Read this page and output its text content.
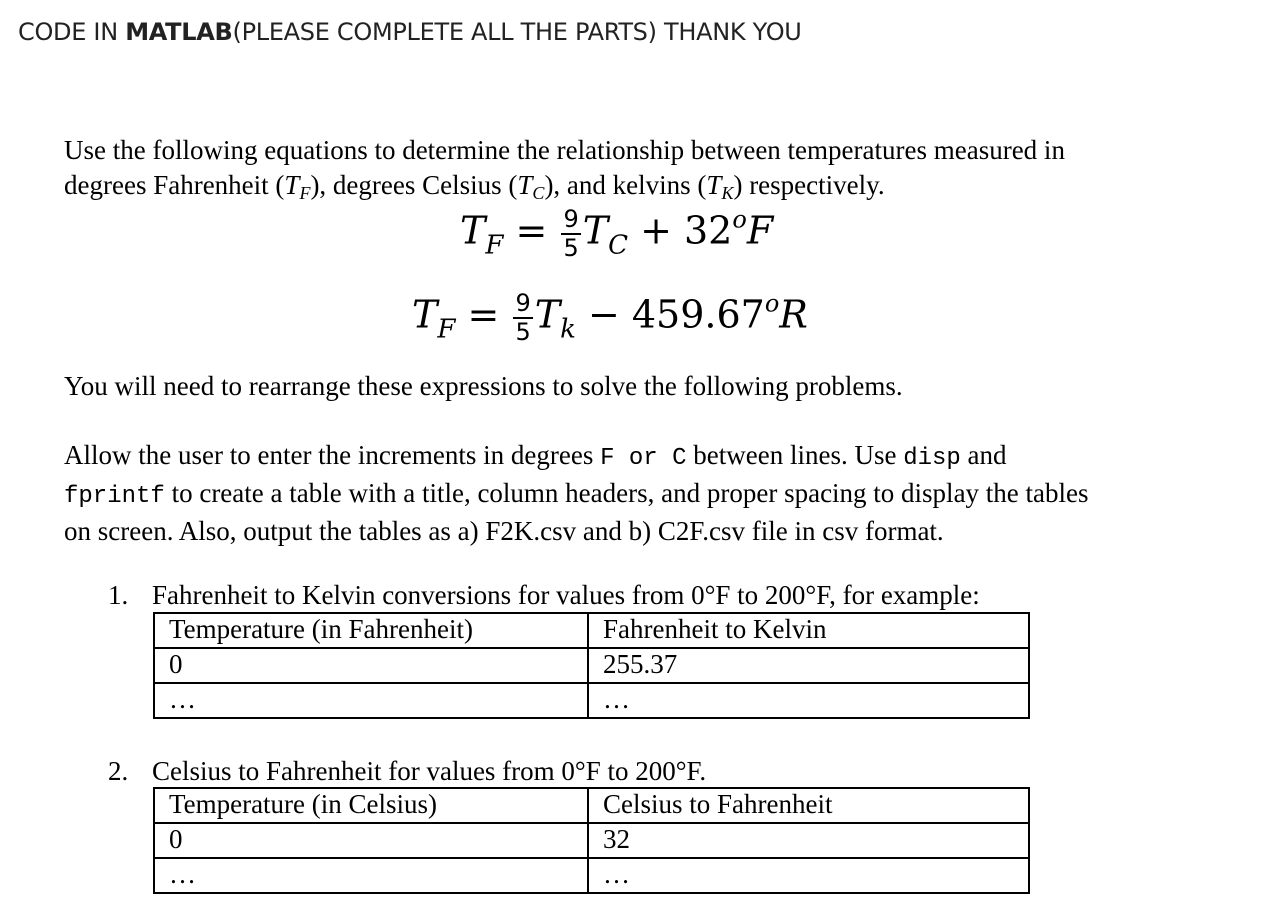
CODE IN MATLAB(PLEASE COMPLETE ALL THE PARTS) THANK YOU
Use the following equations to determine the relationship between temperatures measured in
degrees Fahrenheit $(T_F)$, degrees Celsius $(T_C)$, and kelvins $(T_K)$ respectively.
$T_F = \frac{9}{5} T_C + 32^oF$
$T_F = \frac{9}{5} T_k - 459.67^oR$
You will need to rearrange these expressions to solve the following problems.
Allow the user to enter the increments in degrees F or C between lines. Use disp and
fprintf to create a table with a title, column headers, and proper spacing to display the tables
on screen. Also, output the tables as a) F2K.csv and b) C2F.csv file in csv format.
1. Fahrenheit to Kelvin conversions for values from 0°F to 200°F, for example:
Temperature (in Fahrenheit)	Fahrenheit to Kelvin
0	255.37
…	…
2. Celsius to Fahrenheit for values from 0°F to 200°F.
Temperature (in Celsius)	Celsius to Fahrenheit
0	32
…	…
